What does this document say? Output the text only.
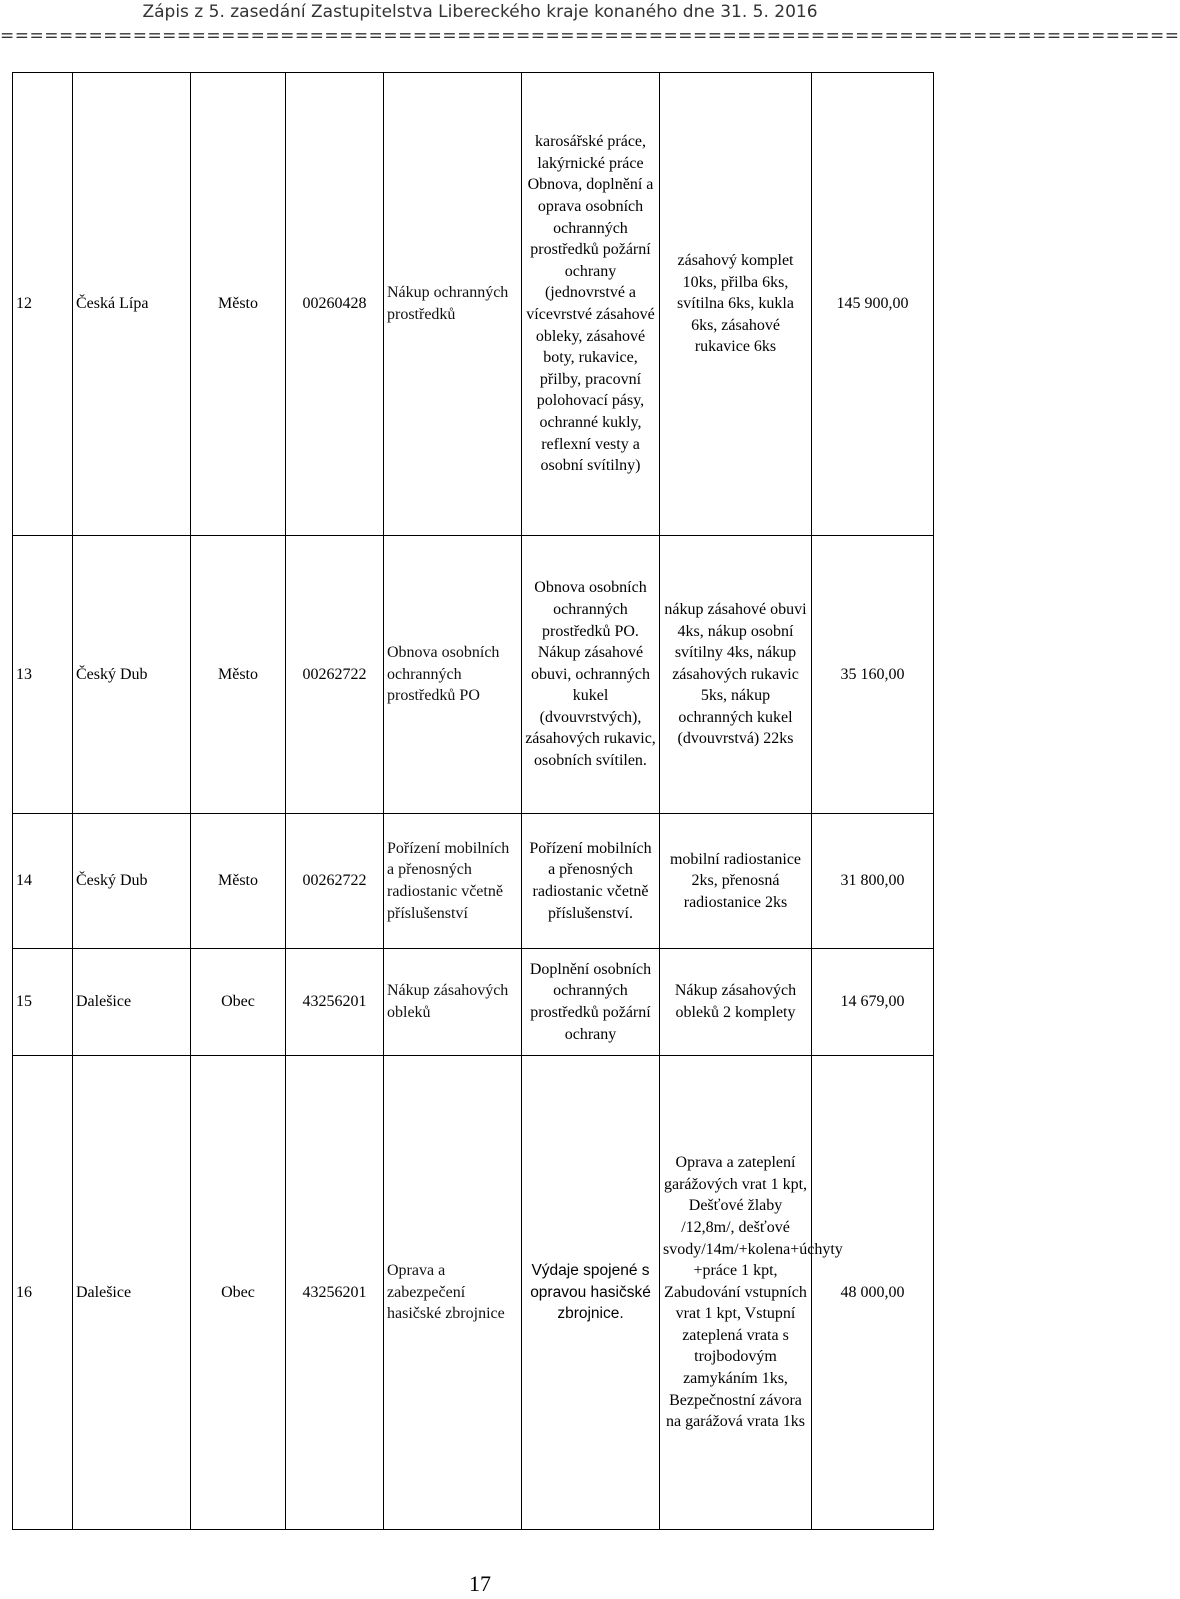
Zápis z 5. zasedání Zastupitelstva Libereckého kraje konaného dne 31. 5. 2016
================================================================================
12	Česká Lípa	Město	00260428	Nákup ochranných prostředků	karosářské práce, lakýrnické práce Obnova, doplnění a oprava osobních ochranných prostředků požární ochrany (jednovrstvé a vícevrstvé zásahové obleky, zásahové boty, rukavice, přilby, pracovní polohovací pásy, ochranné kukly, reflexní vesty a osobní svítilny)	zásahový komplet 10ks, přilba 6ks, svítilna 6ks, kukla 6ks, zásahové rukavice 6ks	145 900,00
13	Český Dub	Město	00262722	Obnova osobních ochranných prostředků PO	Obnova osobních ochranných prostředků PO. Nákup zásahové obuvi, ochranných kukel (dvouvrstvých), zásahových rukavic, osobních svítilen.	nákup zásahové obuvi 4ks, nákup osobní svítilny 4ks, nákup zásahových rukavic 5ks, nákup ochranných kukel (dvouvrstvá) 22ks	35 160,00
14	Český Dub	Město	00262722	Pořízení mobilních a přenosných radiostanic včetně příslušenství	Pořízení mobilních a přenosných radiostanic včetně příslušenství.	mobilní radiostanice 2ks, přenosná radiostanice 2ks	31 800,00
15	Dalešice	Obec	43256201	Nákup zásahových obleků	Doplnění osobních ochranných prostředků požární ochrany	Nákup zásahových obleků 2 komplety	14 679,00
16	Dalešice	Obec	43256201	Oprava a zabezpečení hasičské zbrojnice	Výdaje spojené s opravou hasičské zbrojnice.	Oprava a zateplení garážových vrat 1 kpt, Dešťové žlaby /12,8m/, dešťové svody/14m/+kolena+úchyty +práce 1 kpt, Zabudování vstupních vrat 1 kpt, Vstupní zateplená vrata s trojbodovým zamykáním 1ks, Bezpečnostní závora na garážová vrata 1ks	48 000,00
17
